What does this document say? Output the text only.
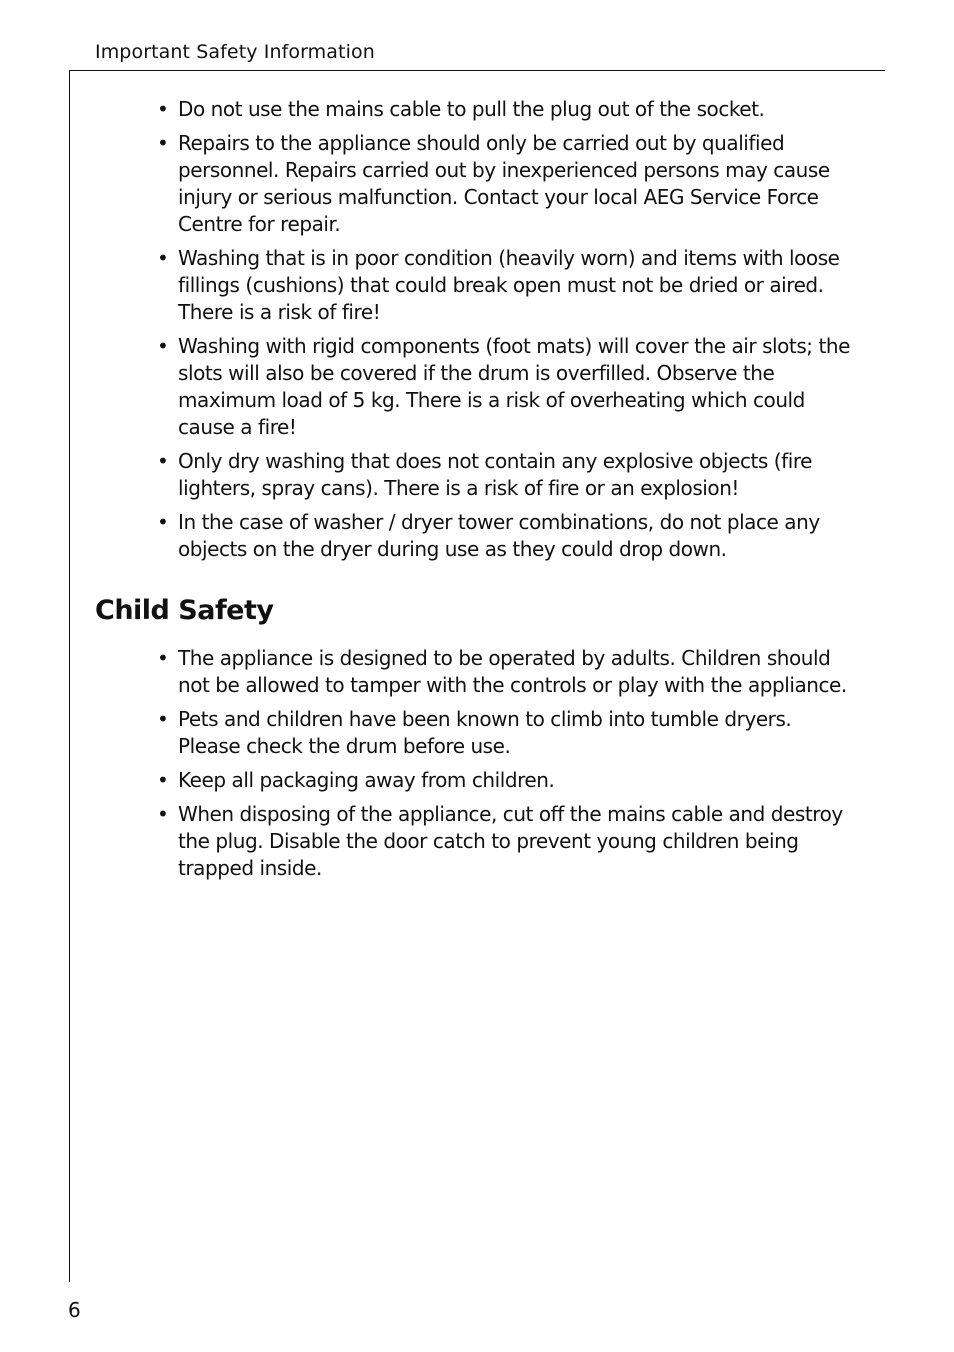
Important Safety Information
• Do not use the mains cable to pull the plug out of the socket.
• Repairs to the appliance should only be carried out by qualified personnel. Repairs carried out by inexperienced persons may cause injury or serious malfunction. Contact your local AEG Service Force Centre for repair.
• Washing that is in poor condition (heavily worn) and items with loose fillings (cushions) that could break open must not be dried or aired. There is a risk of fire!
• Washing with rigid components (foot mats) will cover the air slots; the slots will also be covered if the drum is overfilled. Observe the maximum load of 5 kg. There is a risk of overheating which could cause a fire!
• Only dry washing that does not contain any explosive objects (fire lighters, spray cans). There is a risk of fire or an explosion!
• In the case of washer / dryer tower combinations, do not place any objects on the dryer during use as they could drop down.
Child Safety
• The appliance is designed to be operated by adults. Children should not be allowed to tamper with the controls or play with the appliance.
• Pets and children have been known to climb into tumble dryers. Please check the drum before use.
• Keep all packaging away from children.
• When disposing of the appliance, cut off the mains cable and destroy the plug. Disable the door catch to prevent young children being trapped inside.
6
